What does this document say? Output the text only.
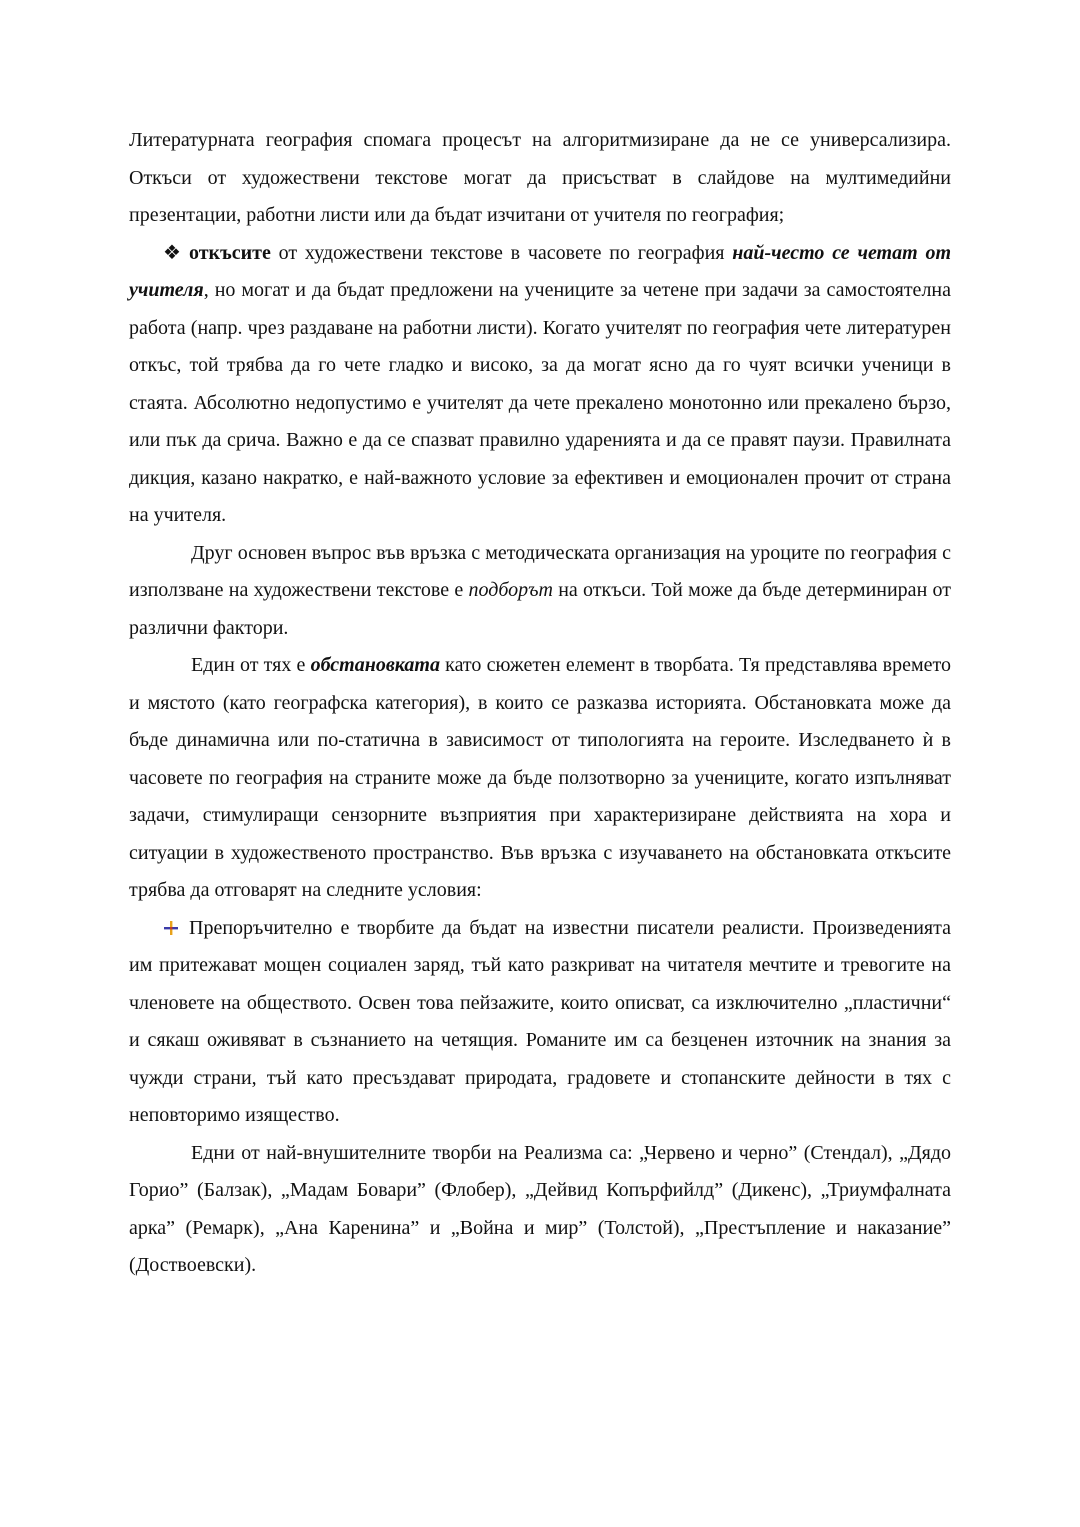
Литературната география спомага процесът на алгоритмизиране да не се универсализира. Откъси от художествени текстове могат да присъстват в слайдове на мултимедийни презентации, работни листи или да бъдат изчитани от учителя по география;

❖ откъсите от художествени текстове в часовете по география най-често се четат от учителя, но могат и да бъдат предложени на учениците за четене при задачи за самостоятелна работа (напр. чрез раздаване на работни листи). Когато учителят по география чете литературен откъс, той трябва да го чете гладко и високо, за да могат ясно да го чуят всички ученици в стаята. Абсолютно недопустимо е учителят да чете прекалено монотонно или прекалено бързо, или пък да срича. Важно е да се спазват правилно ударенията и да се правят паузи. Правилната дикция, казано накратко, е най-важното условие за ефективен и емоционален прочит от страна на учителя.

Друг основен въпрос във връзка с методическата организация на уроците по география с използване на художествени текстове е подборът на откъси. Той може да бъде детерминиран от различни фактори.

Един от тях е обстановката като сюжетен елемент в творбата. Тя представлява времето и мястото (като географска категория), в които се разказва историята. Обстановката може да бъде динамична или по-статична в зависимост от типологията на героите. Изследването ѝ в часовете по география на страните може да бъде ползотворно за учениците, когато изпълняват задачи, стимулиращи сензорните възприятия при характеризиране действията на хора и ситуации в художественото пространство. Във връзка с изучаването на обстановката откъсите трябва да отговарят на следните условия:

Препоръчително е творбите да бъдат на известни писатели реалисти. Произведенията им притежават мощен социален заряд, тъй като разкриват на читателя мечтите и тревогите на членовете на обществото. Освен това пейзажите, които описват, са изключително „пластични“ и сякаш оживяват в съзнанието на четящия. Романите им са безценен източник на знания за чужди страни, тъй като пресъздават природата, градовете и стопанските дейности в тях с неповторимо изящество.

Едни от най-внушителните творби на Реализма са: „Червено и черно” (Стендал), „Дядо Горио” (Балзак), „Мадам Бовари” (Флобер), „Дейвид Копърфийлд” (Дикенс), „Триумфалната арка” (Ремарк), „Ана Каренина” и „Война и мир” (Толстой), „Престъпление и наказание” (Доствоевски).
